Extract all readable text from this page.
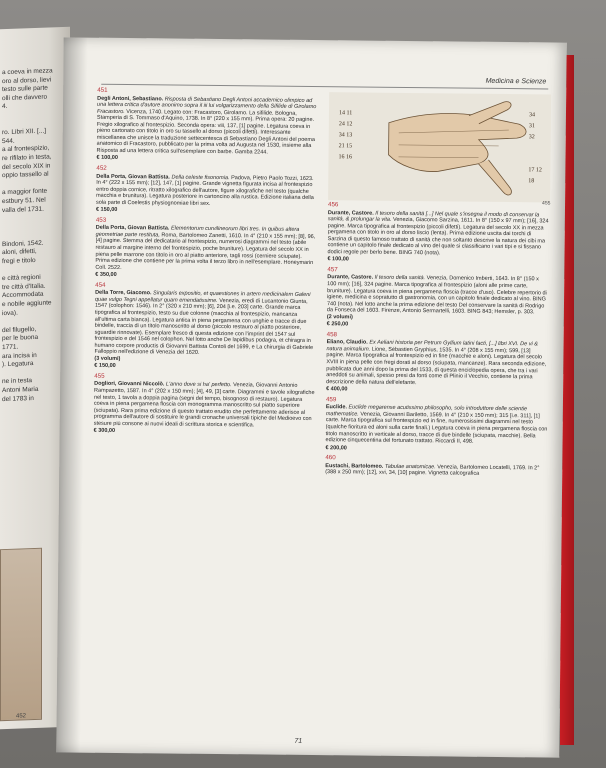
a coeva in mezza
oro al dorso, lievi
testo sulle parte
olli che davvero
4.

ro. Libri XII. [...]
544.
a al frontespizio,
re rifilato in testa,
del secolo XIX in
oppio tassello al

a maggior fonte
estbury 51. Nel
valla del 1731.

Bindoni, 1542.
aloni, difetti,
fregi e titolo

e città regioni
tre città d'Italia.
Accommodata
e nobile aggiunte
iova).

del filugello,
per le buona
1771.
ara incisa in
). Legatura

ne in testa
Antoni Maria
del 1783 in
452
Medicina e Scienze
451
Degli Antoni, Sebastiano. Risposta di Sebastiano Degli Antoni accademico olimpico ad una lettera critica d'autore anonimo sopra il iii lui volgarizzamento della Sifilide di Girolamo Fracastoro. Vicenza, 1740. Legato con: Fracastoro, Girolamo. La sifilide. Bologna, Stamperia di S. Tommaso d'Aquino, 1738. In 8° (220 x 155 mm). Prima opera: 20 pagine. Fregio xilografico al frontespizio. Seconda opera: viii, 137, [1] pagine. Legatura coeva in pieno cartonato con titolo in oro su tassello al dorso (piccoli difetti). Interessante miscellanea che unisce la traduzione settecentesca di Sebastiano Degli Antoni del poema anatomico di Fracastoro, pubblicato per la prima volta ad Augusta nel 1530, insieme alla Risposta ad una lettera critica sull'esemplare con barbe. Gamba 2244.
€ 100,00
452
Della Porta, Giovan Battista. Della celeste fisonomia. Padova, Pietro Paolo Tozzi, 1623. In 4° (222 x 155 mm); [12], 147, [1] pagine. Grande vignetta figurata incisa al frontespizio entro doppia cornice, ritratto xilografico dell'autore, figure xilografiche nel testo (qualche macchia e brunitura). Legatura posteriore in cartoncino alla rustica. Edizione italiana della sola parte di Coelestis physiognomiae libri sex.
€ 150,00
453
Della Porta, Giovan Battista. Elementorum curvilineorum libri tres. In quibus altera geometriae parte restituta, Roma, Bartolomeo Zanetti, 1610. In 4° (210 x 155 mm); [8], 96, [4] pagine. Stemma del dedicatario al frontespizio, numerosi diagrammi nel testo (abile restauro al margine interno del frontespizio, poche bruniture). Legatura del secolo XX in piena pelle marrone con titolo in oro al piatto anteriore, tagli rossi (cerniere sciupate). Prima edizione che contiene per la prima volta il terzo libro in nell'esemplare. Honeymarin Coll. 2522.
€ 350,00
454
Della Torre, Giacomo. Singularis expositio, et quaestiones in artem medicinalem Galeni quae vulgo Tegni appellatur quam emendatissime. Venezia, eredi di Lucantonio Giunta, 1547 (colophon: 1546). In 2° (320 x 210 mm); [6], 204 [i.e. 203] carte. Grande marca tipografica al frontespizio, testo su due colonne (macchia al frontespizio, mancanza all'ultima carta bianca). Legatura antica in piena pergamena con unghie e tracce di due bindelle, traccia di un titolo manoscritto al dorso (piccolo restauro al piatto posteriore, sguardie rinnovate). Esemplare fresco di questa edizione con l'imprint del 1547 sul frontespizio e del 1546 nel colophon. Nel lotto anche De lapidibus podagra, et chiragra in humano corpore productis di Giovanni Battista Contoli del 1699, e La chirurgia di Gabriele Falloppio nell'edizione di Venezia del 1620.
(3 volumi)
€ 150,00
455
Dogliori, Giovanni Niccolò. L'anno dove si ha' perfetto. Venezia, Giovanni Antonio Rampazetto, 1587. In 4° (202 x 150 mm); [4], 49, [3] carte. Diagrammi e tavole xilografiche nel testo, 1 tavola a doppia pagina (segni del tempo, bisognoso di restauro). Legatura coeva in piena pergamena floscia con monogramma manoscritto sul piatto superiore (sciupata). Rara prima edizione di questo trattato erudito che perfettamente aderisce al programma dell'autore di sostituire le grandi cronache universali tipiche del Medioevo con stesure più consone ai nuovi ideali di scrittura storica e scientifica.
€ 300,00
14 11	34
24 12	31
34 13	32
21 15
16 16
17 12
18
455
456
Durante, Castore. Il tesoro della sanità [...] Nel quale s'insegna il modo di conservar la sanità, & prolungar la vita. Venezia, Giacomo Sarzina, 1611. In 8° (150 x 97 mm); [16], 324 pagine. Marca tipografica al frontespizio (piccoli difetti). Legatura del secolo XX in mezza pergamena con titolo in oro al dorso liscio (lenta). Prima edizione uscita dai torchi di Sarzina di questo famoso trattato di sanità che non soltanto descrive la natura dei cibi ma contiene un capitolo finale dedicato al vino del quale si classificano i vari tipi e si fissano dodici regole per berlo bene. BING 740 (nota).
€ 100,00
457
Durante, Castore. Il tesoro della sanità. Venezia, Domenico Imberti, 1643. In 8° (150 x 100 mm); [16], 324 pagine. Marca tipografica al frontespizio (aloni alle prime carte, bruniture). Legatura coeva in piena pergamena floscia (tracce d'uso). Celebre repertorio di igiene, medicina e sopratutto di gastronomia, con un capitolo finale dedicato al vino. BING 740 (nota). Nel lotto anche la prima edizione del testo Del conservare la sanità di Rodrigo da Fonseca del 1603. Firenze, Antonio Sermartelli, 1603. BING 843; Hemsler, p. 303.
(2 volumi)
€ 250,00
458
Eliano, Claudio. Ex Aeliani historia per Petrum Gyllium latini facti, [...] libri XVI. De vi & natura animalium. Lione, Sébastien Gryphius, 1535. In 4° (208 x 155 mm); 599, [13] pagine. Marca tipografica al frontespizio ed in fine (macchie e aloni). Legatura del secolo XVIII in piena pelle con fregi dorati al dorso (sciupata, mancanze). Rara seconda edizione, pubblicata due anni dopo la prima del 1533, di questa enciclopedia opera, che tra i vari aneddoti su animali, spesso presi da fonti come di Plinio il Vecchio, contiene la prima descrizione della natura dell'elefante.
€ 400,00
459
Euclide. Euclide megarense acutissimo philosopho, solo introduttore delle scientie mathematice. Venezia, Giovanni Bariletto, 1569. In 4° (210 x 150 mm); 315 [i.e. 311], [1] carte. Marca tipografica sul frontespizio ed in fine, numerosissimi diagrammi nel testo (qualche fioritura ed aloni sulla carte finali.) Legatura coeva in piena pergamena floscia con titolo manoscritto in verticale al dorso, tracce di due bindelle (sciupata, macchie). Bella edizione cinquecentina del fortunato trattato. Riccardi II, 498.
€ 200,00
460
Eustachi, Bartolomeo. Tabulae anatomicae. Venezia, Bartolomeo Locatelli, 1769. In 2° (388 x 250 mm); [12], xvi, 34, [10] pagine. Vignetta calcografica
71
